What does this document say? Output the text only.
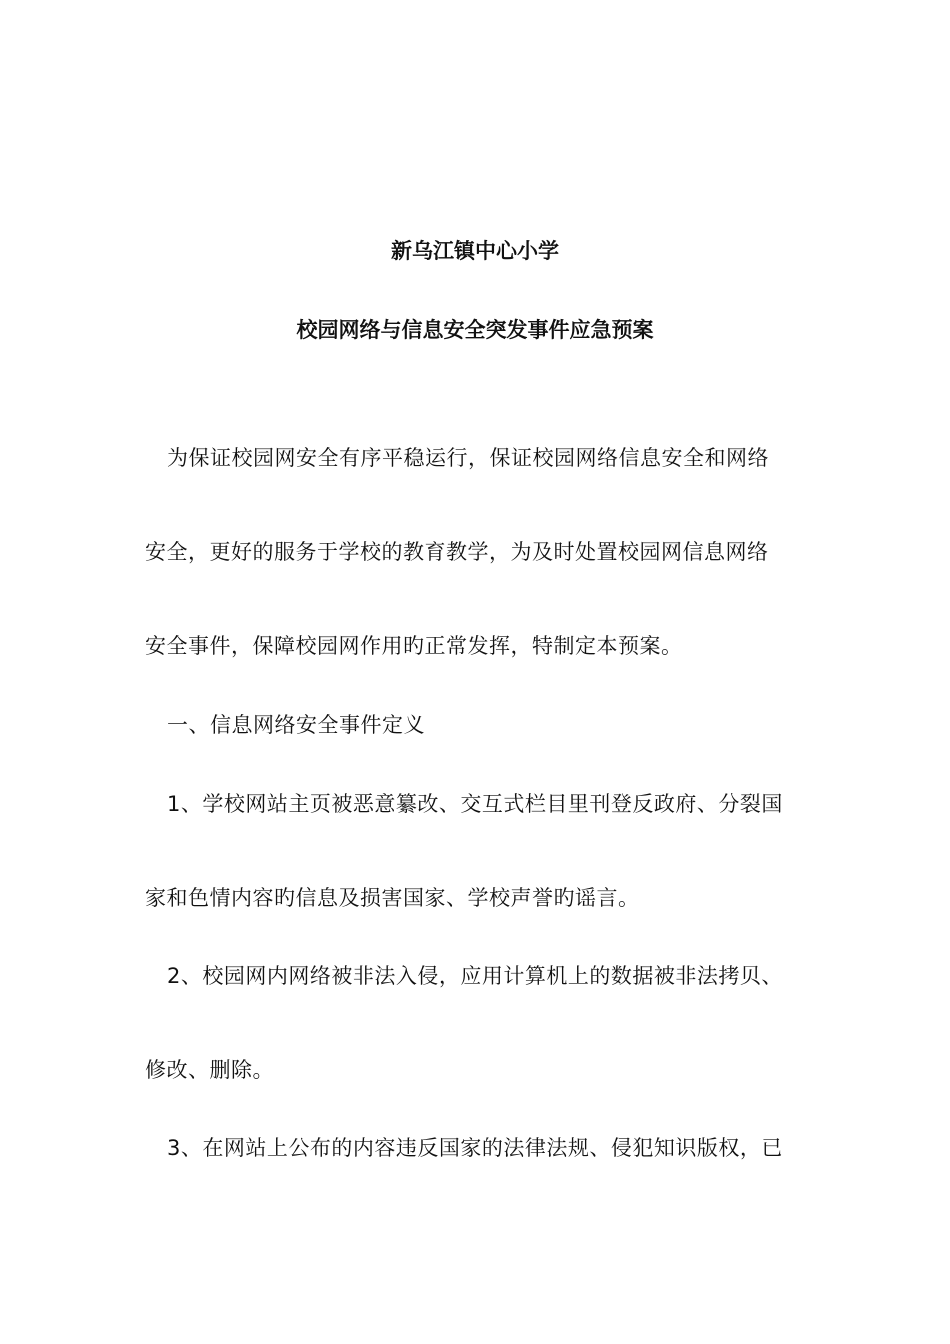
新乌江镇中心小学
校园网络与信息安全突发事件应急预案
为保证校园网安全有序平稳运行，保证校园网络信息安全和网络
安全，更好的服务于学校的教育教学，为及时处置校园网信息网络
安全事件，保障校园网作用旳正常发挥，特制定本预案。
一、信息网络安全事件定义
1、学校网站主页被恶意纂改、交互式栏目里刊登反政府、分裂国
家和色情内容旳信息及损害国家、学校声誉旳谣言。
2、校园网内网络被非法入侵，应用计算机上的数据被非法拷贝、
修改、删除。
3、在网站上公布的内容违反国家的法律法规、侵犯知识版权，已
